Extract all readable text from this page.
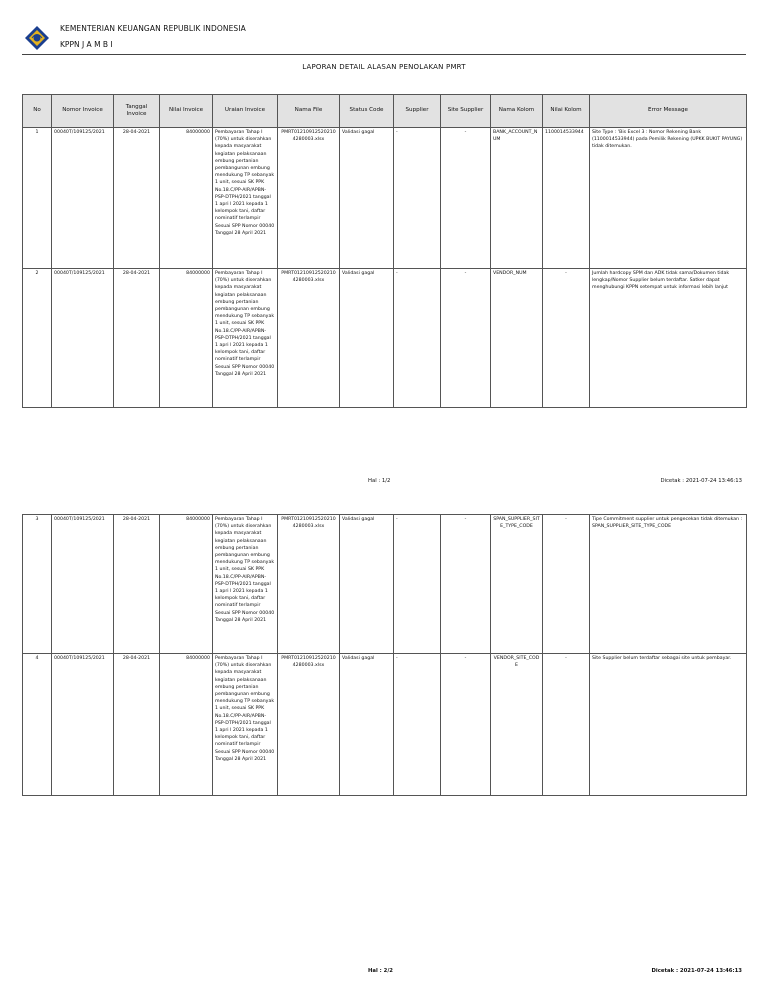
KEMENTERIAN KEUANGAN REPUBLIK INDONESIA
KPPN J A M B I
LAPORAN DETAIL ALASAN PENOLAKAN PMRT
No	Nomor Invoice	Tanggal Invoice	Nilai Invoice	Uraian Invoice	Nama File	Status Code	Supplier	Site Supplier	Nama Kolom	Nilai Kolom	Error Message
1	00040T/109125/2021	28-04-2021	84000000	Pembayaran Tahap I (70%) untuk diserahkan kepada masyarakat kegiatan pelaksanaan embung pertanian pembangunan embung mendukung TP sebanyak 1 unit, sesuai SK PPK No.18.C/PP-AIR/APBN-PSP-DTPH/2021 tanggal 1 apri l 2021 kepada 1 kelompok tani, daftar nominatif terlampir Sesuai SPP Nomor 00040 Tanggal 28 April 2021	PMRT012109125202104280003.xlsx	Validasi gagal	-	-	BANK_ACCOUNT_NUM	1100014533944	Site Type : 'Bis Excel 3 : Nomor Rekening Bank (1100014533944) pada Pemilik Rekening (UPKK BUKIT PAYUNG) tidak ditemukan.
2	00040T/109125/2021	28-04-2021	84000000	Pembayaran Tahap I (70%) untuk diserahkan kepada masyarakat kegiatan pelaksanaan embung pertanian pembangunan embung mendukung TP sebanyak 1 unit, sesuai SK PPK No.18.C/PP-AIR/APBN-PSP-DTPH/2021 tanggal 1 apri l 2021 kepada 1 kelompok tani, daftar nominatif terlampir Sesuai SPP Nomor 00040 Tanggal 28 April 2021	PMRT012109125202104280003.xlsx	Validasi gagal	-	-	VENDOR_NUM	-	Jumlah hardcopy SPM dan ADK tidak sama/Dokumen tidak lengkap/Nomor Supplier belum terdaftar. Satker dapat menghubungi KPPN setempat untuk informasi lebih lanjut
Hal : 1/2	Dicetak : 2021-07-24 13:46:13
3	00040T/109125/2021	28-04-2021	84000000	Pembayaran Tahap I (70%) untuk diserahkan kepada masyarakat kegiatan pelaksanaan embung pertanian pembangunan embung mendukung TP sebanyak 1 unit, sesuai SK PPK No.18.C/PP-AIR/APBN-PSP-DTPH/2021 tanggal 1 apri l 2021 kepada 1 kelompok tani, daftar nominatif terlampir Sesuai SPP Nomor 00040 Tanggal 28 April 2021	PMRT012109125202104280003.xlsx	Validasi gagal	-	-	SPAN_SUPPLIER_SITE_TYPE_CODE	-	Tipe Commitment supplier untuk pengecekan tidak ditemukan : SPAN_SUPPLIER_SITE_TYPE_CODE
4	00040T/109125/2021	28-04-2021	84000000	Pembayaran Tahap I (70%) untuk diserahkan kepada masyarakat kegiatan pelaksanaan embung pertanian pembangunan embung mendukung TP sebanyak 1 unit, sesuai SK PPK No.18.C/PP-AIR/APBN-PSP-DTPH/2021 tanggal 1 apri l 2021 kepada 1 kelompok tani, daftar nominatif terlampir Sesuai SPP Nomor 00040 Tanggal 28 April 2021	PMRT012109125202104280003.xlsx	Validasi gagal	-	-	VENDOR_SITE_CODE	-	Site Supplier belum terdaftar sebagai site untuk pembayar.
Hal : 2/2	Dicetak : 2021-07-24 13:46:13
